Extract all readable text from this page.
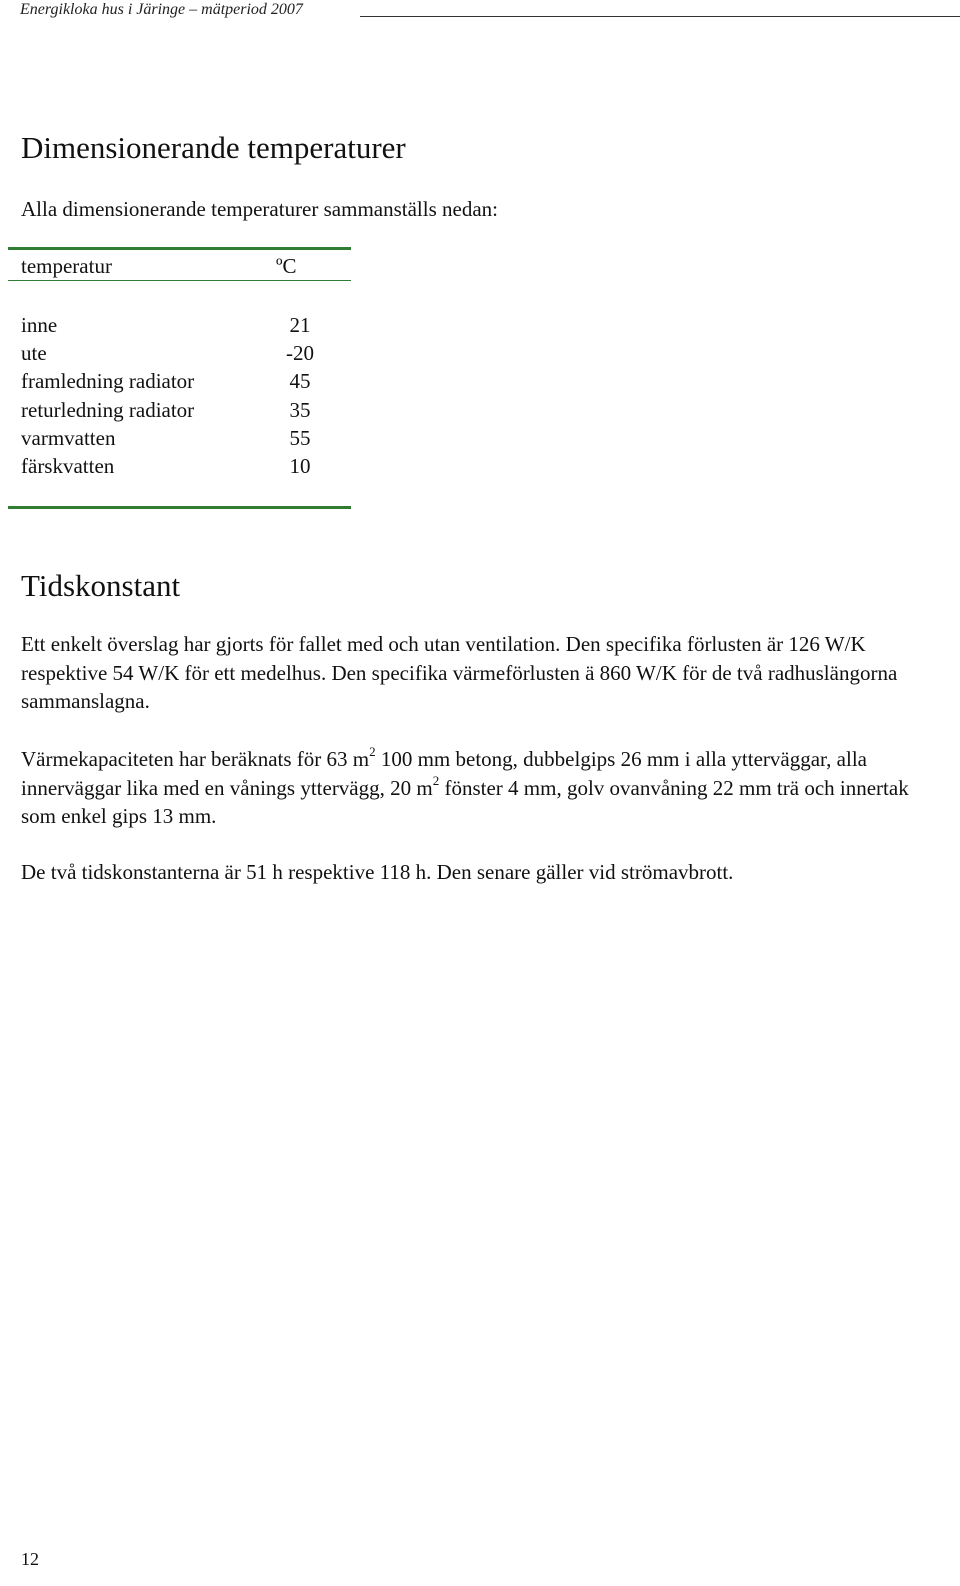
Energikloka hus i Järinge – mätperiod 2007
Dimensionerande temperaturer

Alla dimensionerande temperaturer sammanställs nedan:

temperatur	ºC
inne	21
ute	-20
framledning radiator	45
returledning radiator	35
varmvatten	55
färskvatten	10
Tidskonstant

Ett enkelt överslag har gjorts för fallet med och utan ventilation. Den specifika förlusten är 126 W/K respektive 54 W/K för ett medelhus. Den specifika värmeförlusten ä 860 W/K för de två radhuslängorna sammanslagna.

Värmekapaciteten har beräknats för 63 $m^2$ 100 mm betong, dubbelgips 26 mm i alla ytterväggar, alla innerväggar lika med en vånings yttervägg, 20 $m^2$ fönster 4 mm, golv ovanvåning 22 mm trä och innertak som enkel gips 13 mm.

De två tidskonstanterna är 51 h respektive 118 h. Den senare gäller vid strömavbrott.

12
